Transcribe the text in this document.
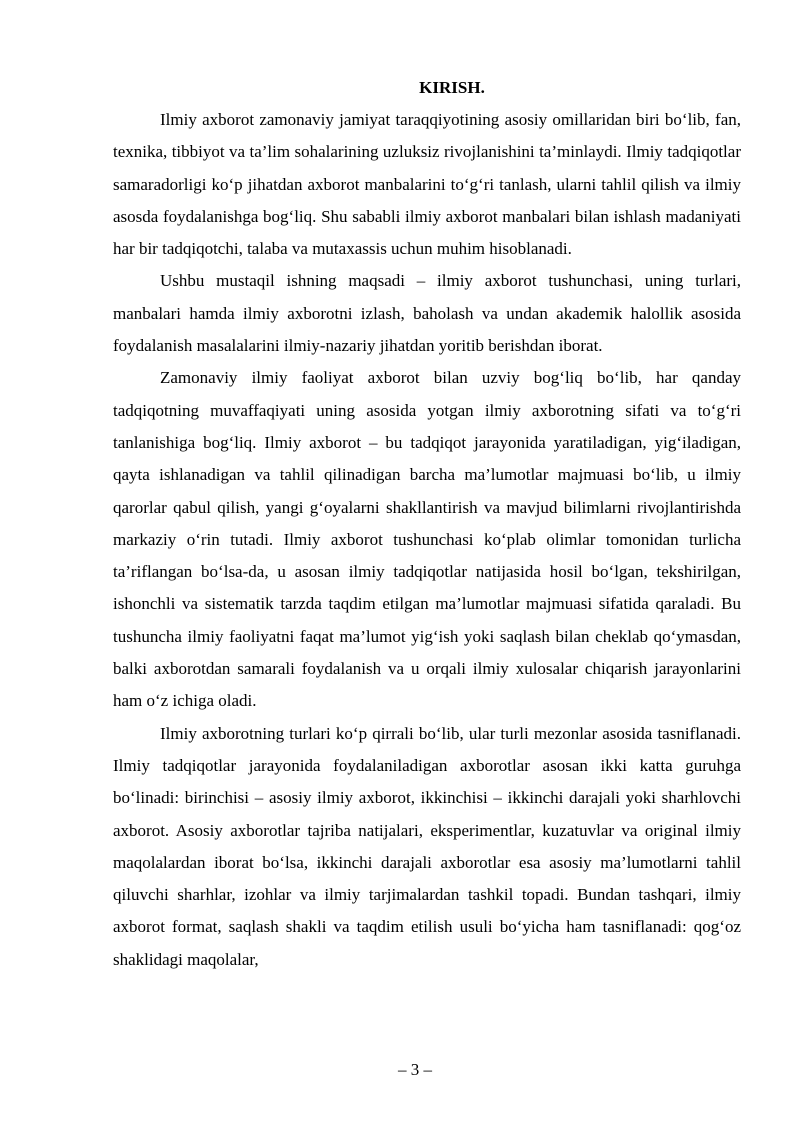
KIRISH.

Ilmiy axborot zamonaviy jamiyat taraqqiyotining asosiy omillaridan biri bo‘lib, fan, texnika, tibbiyot va ta’lim sohalarining uzluksiz rivojlanishini ta’minlaydi. Ilmiy tadqiqotlar samaradorligi ko‘p jihatdan axborot manbalarini to‘g‘ri tanlash, ularni tahlil qilish va ilmiy asosda foydalanishga bog‘liq. Shu sababli ilmiy axborot manbalari bilan ishlash madaniyati har bir tadqiqotchi, talaba va mutaxassis uchun muhim hisoblanadi.

Ushbu mustaqil ishning maqsadi – ilmiy axborot tushunchasi, uning turlari, manbalari hamda ilmiy axborotni izlash, baholash va undan akademik halollik asosida foydalanish masalalarini ilmiy-nazariy jihatdan yoritib berishdan iborat.

Zamonaviy ilmiy faoliyat axborot bilan uzviy bog‘liq bo‘lib, har qanday tadqiqotning muvaffaqiyati uning asosida yotgan ilmiy axborotning sifati va to‘g‘ri tanlanishiga bog‘liq. Ilmiy axborot – bu tadqiqot jarayonida yaratiladigan, yig‘iladigan, qayta ishlanadigan va tahlil qilinadigan barcha ma’lumotlar majmuasi bo‘lib, u ilmiy qarorlar qabul qilish, yangi g‘oyalarni shakllantirish va mavjud bilimlarni rivojlantirishda markaziy o‘rin tutadi. Ilmiy axborot tushunchasi ko‘plab olimlar tomonidan turlicha ta’riflangan bo‘lsa-da, u asosan ilmiy tadqiqotlar natijasida hosil bo‘lgan, tekshirilgan, ishonchli va sistematik tarzda taqdim etilgan ma’lumotlar majmuasi sifatida qaraladi. Bu tushuncha ilmiy faoliyatni faqat ma’lumot yig‘ish yoki saqlash bilan cheklab qo‘ymasdan, balki axborotdan samarali foydalanish va u orqali ilmiy xulosalar chiqarish jarayonlarini ham o‘z ichiga oladi.

Ilmiy axborotning turlari ko‘p qirrali bo‘lib, ular turli mezonlar asosida tasniflanadi. Ilmiy tadqiqotlar jarayonida foydalaniladigan axborotlar asosan ikki katta guruhga bo‘linadi: birinchisi – asosiy ilmiy axborot, ikkinchisi – ikkinchi darajali yoki sharhlovchi axborot. Asosiy axborotlar tajriba natijalari, eksperimentlar, kuzatuvlar va original ilmiy maqolalardan iborat bo‘lsa, ikkinchi darajali axborotlar esa asosiy ma’lumotlarni tahlil qiluvchi sharhlar, izohlar va ilmiy tarjimalardan tashkil topadi. Bundan tashqari, ilmiy axborot format, saqlash shakli va taqdim etilish usuli bo‘yicha ham tasniflanadi: qog‘oz shaklidagi maqolalar,

– 3 –
